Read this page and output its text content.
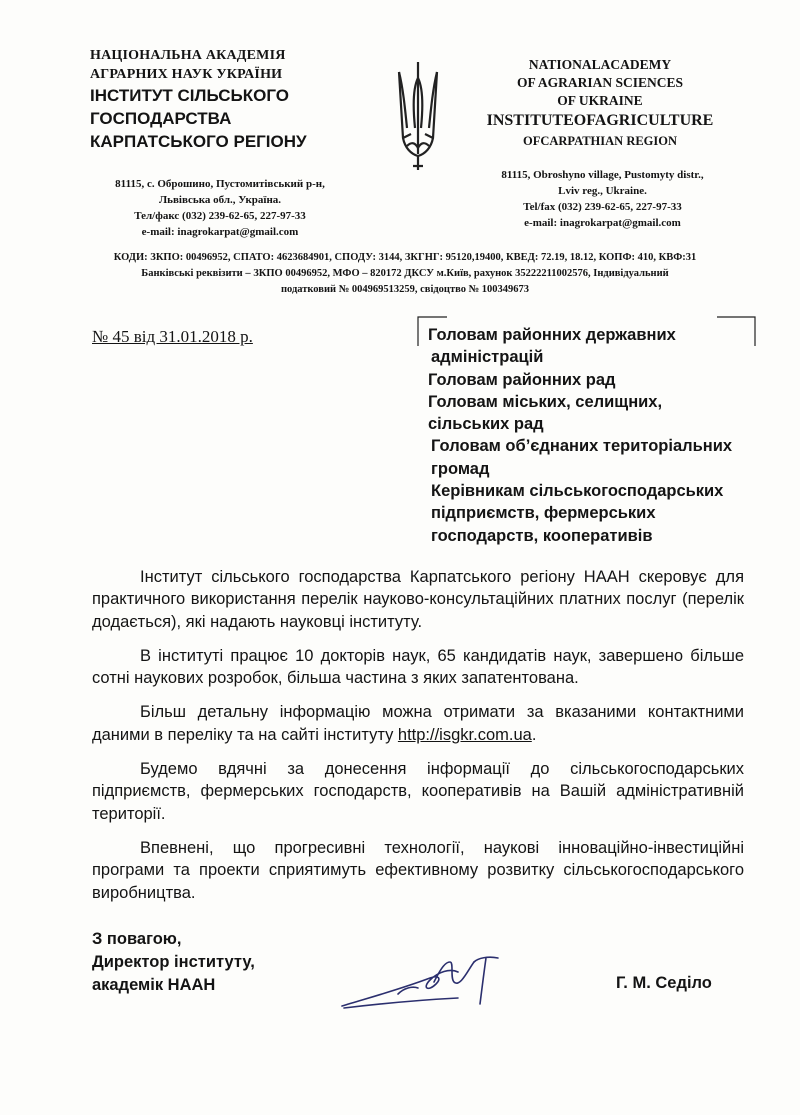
НАЦІОНАЛЬНА АКАДЕМІЯ
АГРАРНИХ НАУК УКРАЇНИ
ІНСТИТУТ СІЛЬСЬКОГО
ГОСПОДАРСТВА
КАРПАТСЬКОГО РЕГІОНУ
81115, с. Оброшино, Пустомитівський р-н,
Львівська обл., Україна.
Тел/факс (032) 239-62-65, 227-97-33
e-mail: inagrokarpat@gmail.com
NATIONALACADEMY
OF AGRARIAN SCIENCES
OF UKRAINE
INSTITUTEOFAGRICULTURE
OFCARPATHIAN REGION
81115, Obroshyno village, Pustomyty distr.,
Lviv reg., Ukraine.
Tel/fax (032) 239-62-65, 227-97-33
e-mail: inagrokarpat@gmail.com
КОДИ: ЗКПО: 00496952, СПАТО: 4623684901, СПОДУ: 3144, ЗКГНГ: 95120,19400, КВЕД: 72.19, 18.12, КОПФ: 410, КВФ:31
Банківські реквізити – ЗКПО 00496952, МФО – 820172 ДКСУ м.Київ, рахунок 35222211002576, Індивідуальний
податковий № 004969513259, свідоцтво № 100349673
№ 45 від 31.01.2018 р.	Головам районних державних
адміністрацій
Головам районних рад
Головам міських, селищних,
сільських рад
Головам об’єднаних територіальних
громад
Керівникам сільськогосподарських
підприємств, фермерських
господарств, кооперативів

Інститут сільського господарства Карпатського регіону НААН скеровує для практичного використання перелік науково-консультаційних платних послуг (перелік додається), які надають науковці інституту.

В інституті працює 10 докторів наук, 65 кандидатів наук, завершено більше сотні наукових розробок, більша частина з яких запатентована.

Більш детальну інформацію можна отримати за вказаними контактними даними в переліку та на сайті інституту http://isgkr.com.ua.

Будемо вдячні за донесення інформації до сільськогосподарських підприємств, фермерських господарств, кооперативів на Вашій адміністративній території.

Впевнені, що прогресивні технології, наукові інноваційно-інвестиційні програми та проекти сприятимуть ефективному розвитку сільськогосподарського виробництва.

З повагою,
Директор інституту,
академік НААН	Г. М. Седіло
